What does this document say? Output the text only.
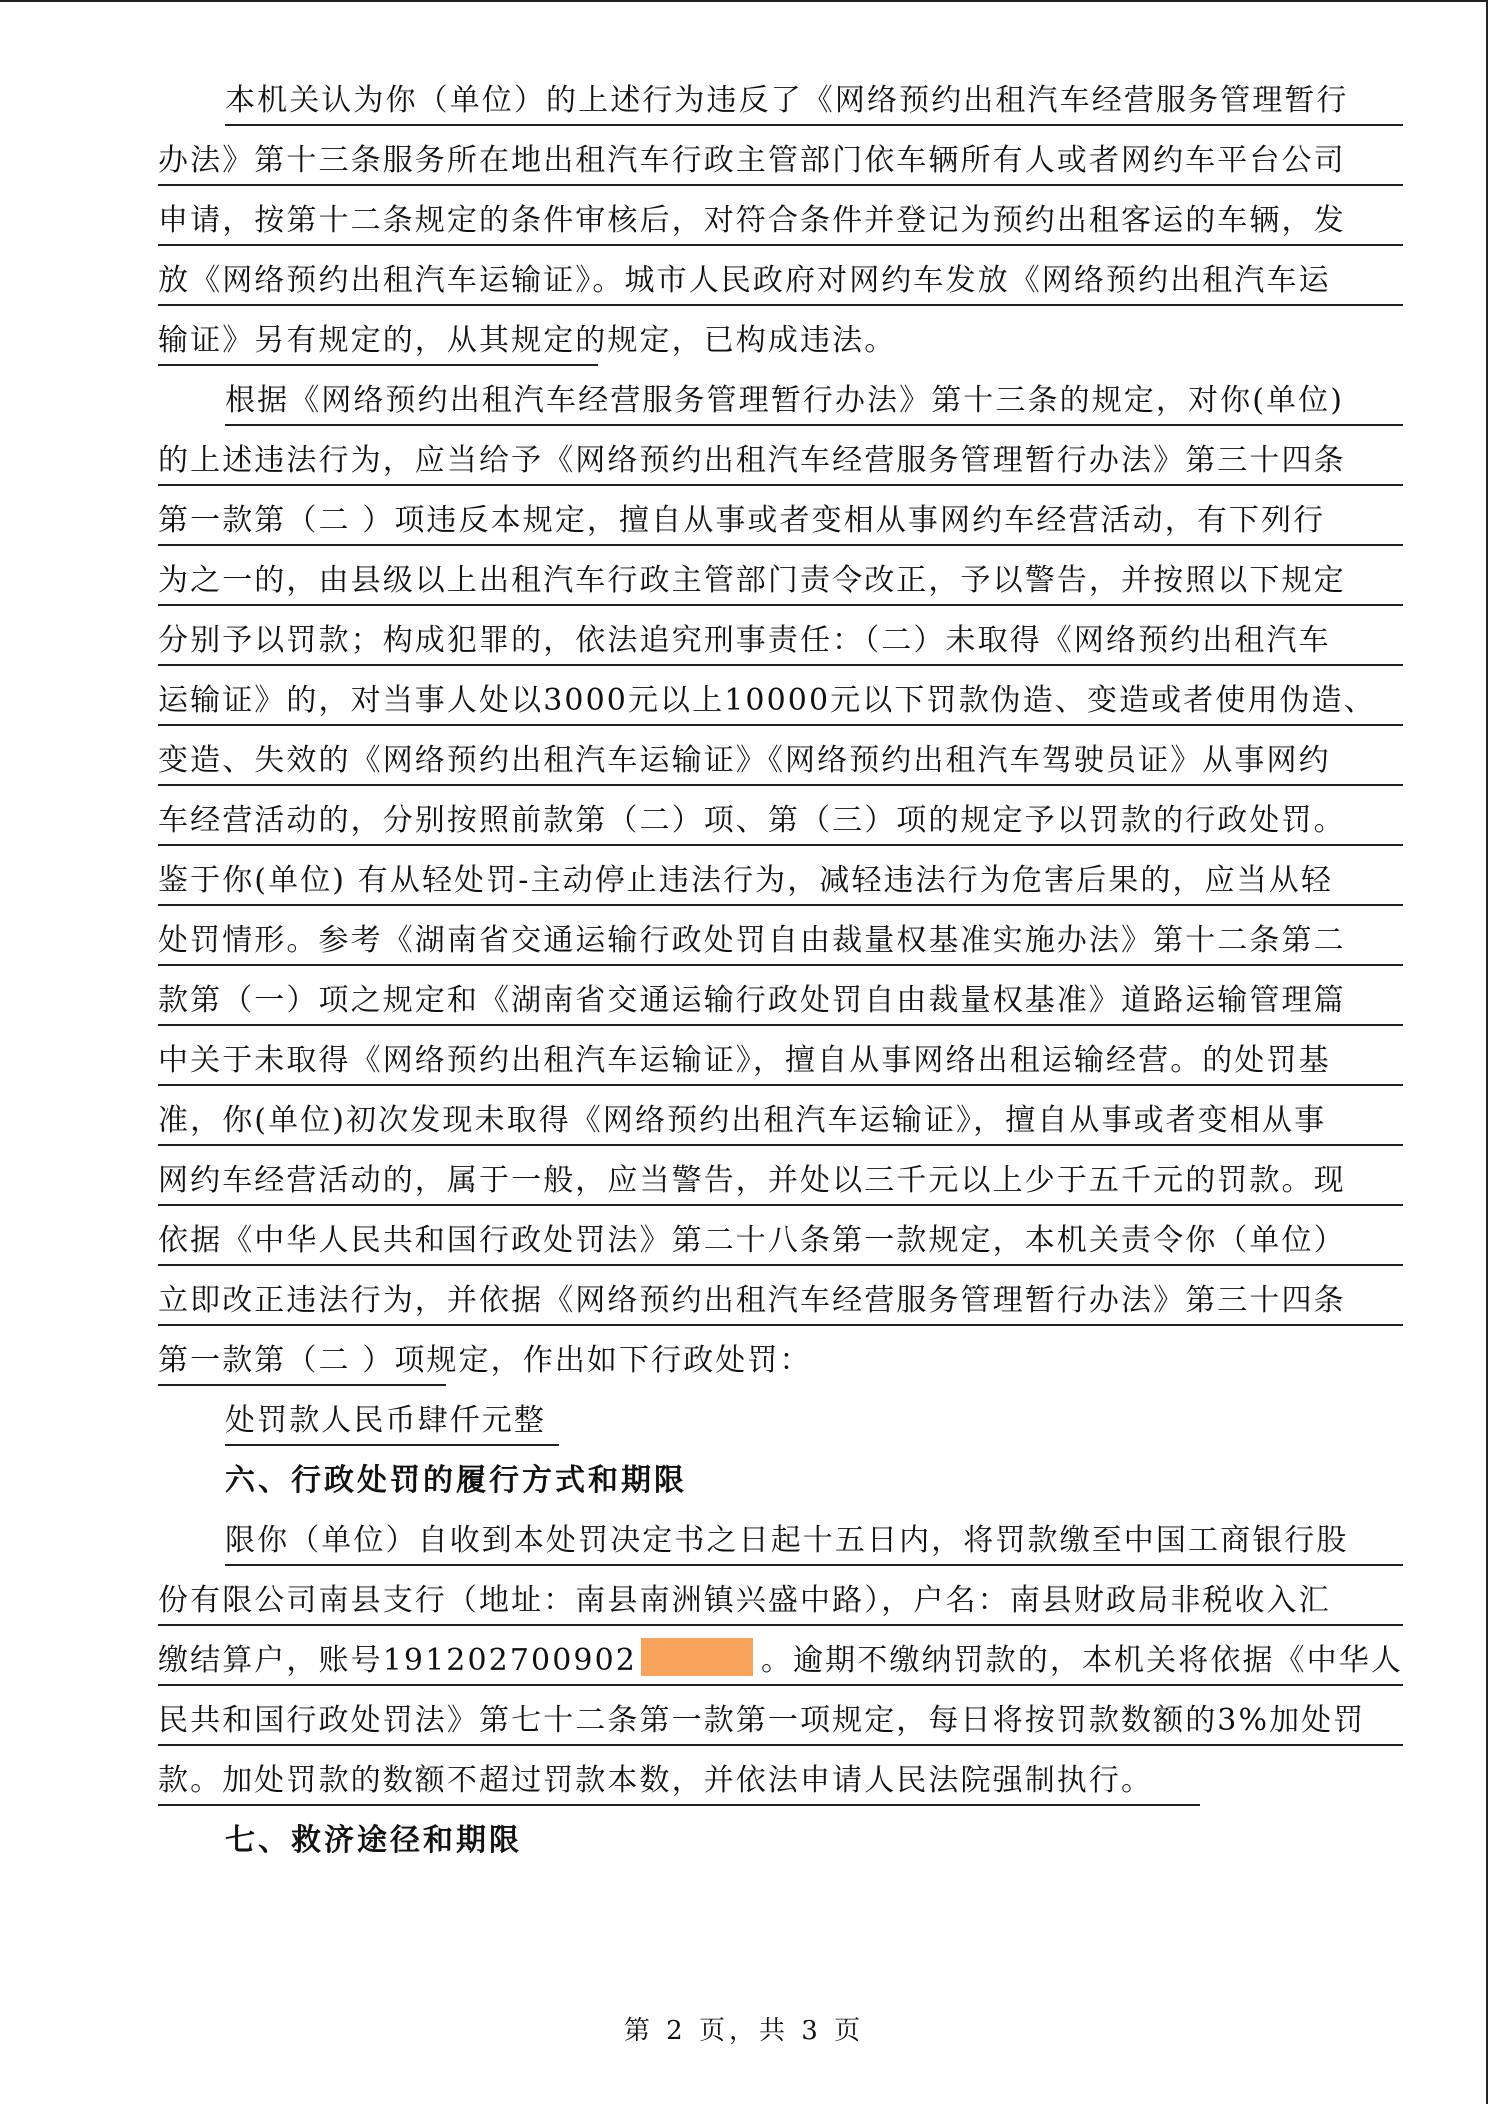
本机关认为你（单位）的上述行为违反了《网络预约出租汽车经营服务管理暂行
办法》第十三条服务所在地出租汽车行政主管部门依车辆所有人或者网约车平台公司
申请，按第十二条规定的条件审核后，对符合条件并登记为预约出租客运的车辆，发
放《网络预约出租汽车运输证》。城市人民政府对网约车发放《网络预约出租汽车运
输证》另有规定的，从其规定的规定，已构成违法。
根据《网络预约出租汽车经营服务管理暂行办法》第十三条的规定，对你(单位)
的上述违法行为，应当给予《网络预约出租汽车经营服务管理暂行办法》第三十四条
第一款第（二 ）项违反本规定，擅自从事或者变相从事网约车经营活动，有下列行
为之一的，由县级以上出租汽车行政主管部门责令改正，予以警告，并按照以下规定
分别予以罚款；构成犯罪的，依法追究刑事责任：（二）未取得《网络预约出租汽车
运输证》的，对当事人处以3000元以上10000元以下罚款伪造、变造或者使用伪造、
变造、失效的《网络预约出租汽车运输证》《网络预约出租汽车驾驶员证》从事网约
车经营活动的，分别按照前款第（二）项、第（三）项的规定予以罚款的行政处罚。
鉴于你(单位) 有从轻处罚-主动停止违法行为，减轻违法行为危害后果的，应当从轻
处罚情形。参考《湖南省交通运输行政处罚自由裁量权基准实施办法》第十二条第二
款第（一）项之规定和《湖南省交通运输行政处罚自由裁量权基准》道路运输管理篇
中关于未取得《网络预约出租汽车运输证》，擅自从事网络出租运输经营。的处罚基
准，你(单位)初次发现未取得《网络预约出租汽车运输证》，擅自从事或者变相从事
网约车经营活动的，属于一般，应当警告，并处以三千元以上少于五千元的罚款。现
依据《中华人民共和国行政处罚法》第二十八条第一款规定，本机关责令你（单位）
立即改正违法行为，并依据《网络预约出租汽车经营服务管理暂行办法》第三十四条
第一款第（二 ）项规定，作出如下行政处罚：
处罚款人民币肆仟元整
六、行政处罚的履行方式和期限
限你（单位）自收到本处罚决定书之日起十五日内，将罚款缴至中国工商银行股
份有限公司南县支行（地址：南县南洲镇兴盛中路），户名：南县财政局非税收入汇
缴结算户，账号191202700902	。逾期不缴纳罚款的，本机关将依据《中华人
民共和国行政处罚法》第七十二条第一款第一项规定，每日将按罚款数额的3%加处罚
款。加处罚款的数额不超过罚款本数，并依法申请人民法院强制执行。
七、救济途径和期限
第 2 页，共 3 页
